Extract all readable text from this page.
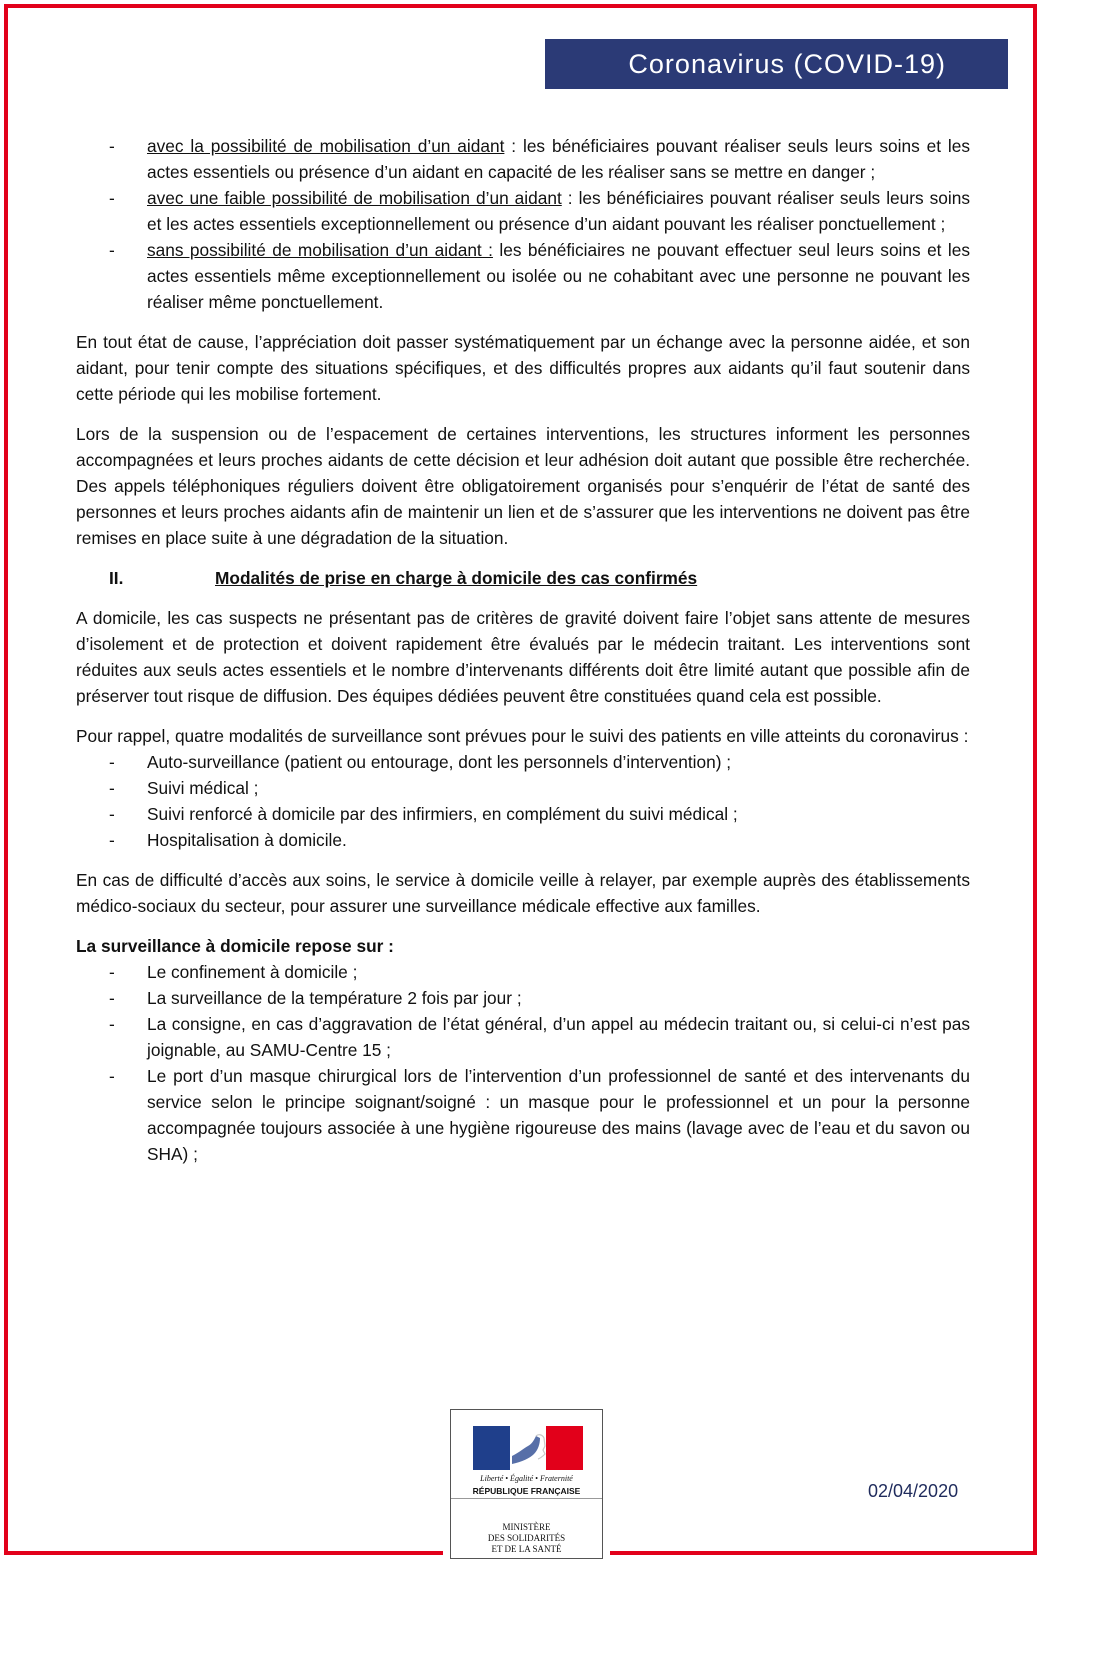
Coronavirus (COVID-19)
- avec la possibilité de mobilisation d’un aidant : les bénéficiaires pouvant réaliser seuls leurs soins et les actes essentiels ou présence d’un aidant en capacité de les réaliser sans se mettre en danger ;
- avec une faible possibilité de mobilisation d’un aidant : les bénéficiaires pouvant réaliser seuls leurs soins et les actes essentiels exceptionnellement ou présence d’un aidant pouvant les réaliser ponctuellement ;
- sans possibilité de mobilisation d’un aidant : les bénéficiaires ne pouvant effectuer seul leurs soins et les actes essentiels même exceptionnellement ou isolée ou ne cohabitant avec une personne ne pouvant les réaliser même ponctuellement.

En tout état de cause, l’appréciation doit passer systématiquement par un échange avec la personne aidée, et son aidant, pour tenir compte des situations spécifiques, et des difficultés propres aux aidants qu’il faut soutenir dans cette période qui les mobilise fortement.

Lors de la suspension ou de l’espacement de certaines interventions, les structures informent les personnes accompagnées et leurs proches aidants de cette décision et leur adhésion doit autant que possible être recherchée. Des appels téléphoniques réguliers doivent être obligatoirement organisés pour s’enquérir de l’état de santé des personnes et leurs proches aidants afin de maintenir un lien et de s’assurer que les interventions ne doivent pas être remises en place suite à une dégradation de la situation.

II.	Modalités de prise en charge à domicile des cas confirmés

A domicile, les cas suspects ne présentant pas de critères de gravité doivent faire l’objet sans attente de mesures d’isolement et de protection et doivent rapidement être évalués par le médecin traitant. Les interventions sont réduites aux seuls actes essentiels et le nombre d’intervenants différents doit être limité autant que possible afin de préserver tout risque de diffusion. Des équipes dédiées peuvent être constituées quand cela est possible.

Pour rappel, quatre modalités de surveillance sont prévues pour le suivi des patients en ville atteints du coronavirus :

- Auto-surveillance (patient ou entourage, dont les personnels d’intervention) ;
- Suivi médical ;
- Suivi renforcé à domicile par des infirmiers, en complément du suivi médical ;
- Hospitalisation à domicile.

En cas de difficulté d’accès aux soins, le service à domicile veille à relayer, par exemple auprès des établissements médico-sociaux du secteur, pour assurer une surveillance médicale effective aux familles.

La surveillance à domicile repose sur :

- Le confinement à domicile ;
- La surveillance de la température 2 fois par jour ;
- La consigne, en cas d’aggravation de l’état général, d’un appel au médecin traitant ou, si celui-ci n’est pas joignable, au SAMU-Centre 15 ;
- Le port d’un masque chirurgical lors de l’intervention d’un professionnel de santé et des intervenants du service selon le principe soignant/soigné : un masque pour le professionnel et un pour la personne accompagnée toujours associée à une hygiène rigoureuse des mains (lavage avec de l’eau et du savon ou SHA) ;
Liberté • Égalité • Fraternité
RÉPUBLIQUE FRANÇAISE
MINISTÈRE
DES SOLIDARITÉS
ET DE LA SANTÉ
02/04/2020
